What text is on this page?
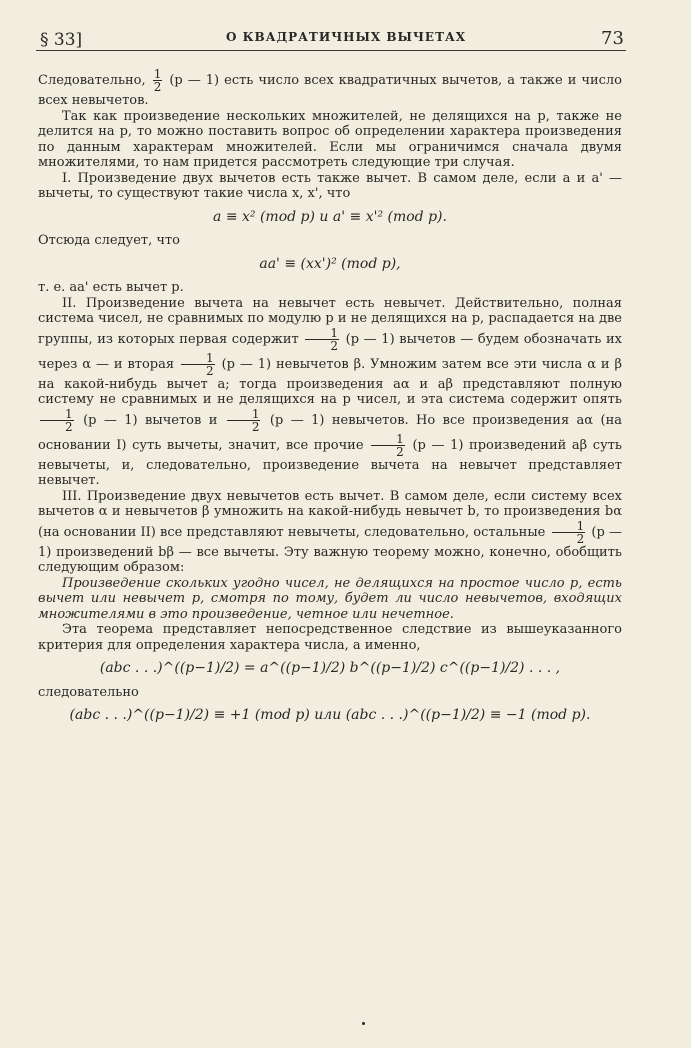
§ 33]	О КВАДРАТИЧНЫХ ВЫЧЕТАХ	73

Следовательно, $\frac{1}{2} (p$ — 1) есть число всех квадратичных вычетов, а также и число всех невычетов.

Так как произведение нескольких множителей, не делящихся на p, также не делится на p, то можно поставить вопрос об определении характера произведения по данным характерам множителей. Если мы ограничимся сначала двумя множителями, то нам придется рассмотреть следующие три случая.

I. Произведение двух вычетов есть также вычет. В самом деле, если a и a' — вычеты, то существуют такие числа x, x', что

a ≡ x² (mod p) и a' ≡ x'² (mod p).

Отсюда следует, что

aa' ≡ (xx')² (mod p),

т. е. aa' есть вычет p.

II. Произведение вычета на невычет есть невычет. Действительно, полная система чисел, не сравнимых по модулю p и не делящихся на p, распадается на две группы, из которых первая содержит $\frac{1}{2} (p$ — 1) вычетов — будем обозначать их через α — и вторая $\frac{1}{2} (p$ — 1) невычетов β. Умножим затем все эти числа α и β на какой-нибудь вычет a; тогда произведения aα и aβ представляют полную систему не сравнимых и не делящихся на p чисел, и эта система содержит опять
$\frac{1}{2} (p$ — 1) вычетов и $\frac{1}{2} (p$ — 1) невычетов. Но все произведения aα (на основании I) суть вычеты, значит, все прочие $\frac{1}{2} (p$ — 1) произведений aβ суть невычеты, и, следовательно, произведение вычета на невычет представляет невычет.

III. Произведение двух невычетов есть вычет. В самом деле, если систему всех вычетов α и невычетов β умножить на какой-нибудь невычет b, то произведения bα (на основании II) все представляют невычеты, следовательно, остальные $\frac{1}{2} (p$ — 1) произведений bβ — все вычеты. Эту важную теорему можно, конечно, обобщить следующим образом:

Произведение скольких угодно чисел, не делящихся на простое число p, есть вычет или невычет p, смотря по тому, будет ли число невычетов, входящих множителями в это произведение, четное или нечетное.

Эта теорема представляет непосредственное следствие из вышеуказанного критерия для определения характера числа, а именно,

(abc . . .)^((p−1)/2) = a^((p−1)/2) b^((p−1)/2) c^((p−1)/2) . . . ,

следовательно

(abc . . .)^((p−1)/2) ≡ +1 (mod p) или (abc . . .)^((p−1)/2) ≡ −1 (mod p).
